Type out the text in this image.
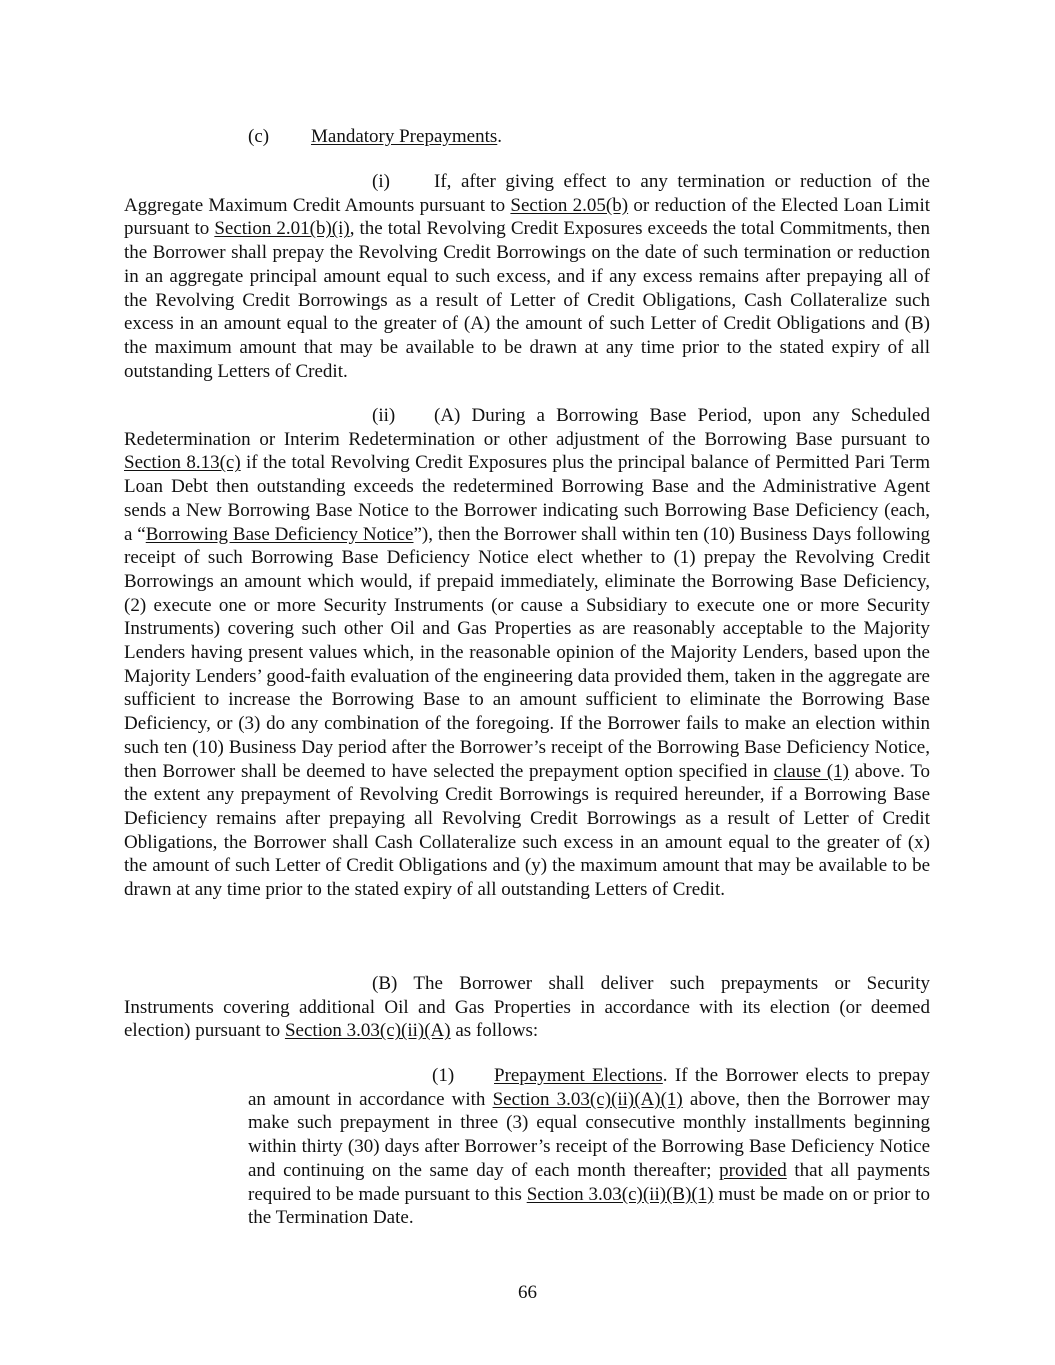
(c) Mandatory Prepayments.
(i) If, after giving effect to any termination or reduction of the Aggregate Maximum Credit Amounts pursuant to Section 2.05(b) or reduction of the Elected Loan Limit pursuant to Section 2.01(b)(i), the total Revolving Credit Exposures exceeds the total Commitments, then the Borrower shall prepay the Revolving Credit Borrowings on the date of such termination or reduction in an aggregate principal amount equal to such excess, and if any excess remains after prepaying all of the Revolving Credit Borrowings as a result of Letter of Credit Obligations, Cash Collateralize such excess in an amount equal to the greater of (A) the amount of such Letter of Credit Obligations and (B) the maximum amount that may be available to be drawn at any time prior to the stated expiry of all outstanding Letters of Credit.
(ii) (A) During a Borrowing Base Period, upon any Scheduled Redetermination or Interim Redetermination or other adjustment of the Borrowing Base pursuant to Section 8.13(c) if the total Revolving Credit Exposures plus the principal balance of Permitted Pari Term Loan Debt then outstanding exceeds the redetermined Borrowing Base and the Administrative Agent sends a New Borrowing Base Notice to the Borrower indicating such Borrowing Base Deficiency (each, a “Borrowing Base Deficiency Notice”), then the Borrower shall within ten (10) Business Days following receipt of such Borrowing Base Deficiency Notice elect whether to (1) prepay the Revolving Credit Borrowings an amount which would, if prepaid immediately, eliminate the Borrowing Base Deficiency, (2) execute one or more Security Instruments (or cause a Subsidiary to execute one or more Security Instruments) covering such other Oil and Gas Properties as are reasonably acceptable to the Majority Lenders having present values which, in the reasonable opinion of the Majority Lenders, based upon the Majority Lenders’ good-faith evaluation of the engineering data provided them, taken in the aggregate are sufficient to increase the Borrowing Base to an amount sufficient to eliminate the Borrowing Base Deficiency, or (3) do any combination of the foregoing. If the Borrower fails to make an election within such ten (10) Business Day period after the Borrower’s receipt of the Borrowing Base Deficiency Notice, then Borrower shall be deemed to have selected the prepayment option specified in clause (1) above. To the extent any prepayment of Revolving Credit Borrowings is required hereunder, if a Borrowing Base Deficiency remains after prepaying all Revolving Credit Borrowings as a result of Letter of Credit Obligations, the Borrower shall Cash Collateralize such excess in an amount equal to the greater of (x) the amount of such Letter of Credit Obligations and (y) the maximum amount that may be available to be drawn at any time prior to the stated expiry of all outstanding Letters of Credit.
(B) The Borrower shall deliver such prepayments or Security Instruments covering additional Oil and Gas Properties in accordance with its election (or deemed election) pursuant to Section 3.03(c)(ii)(A) as follows:
(1) Prepayment Elections. If the Borrower elects to prepay an amount in accordance with Section 3.03(c)(ii)(A)(1) above, then the Borrower may make such prepayment in three (3) equal consecutive monthly installments beginning within thirty (30) days after Borrower’s receipt of the Borrowing Base Deficiency Notice and continuing on the same day of each month thereafter; provided that all payments required to be made pursuant to this Section 3.03(c)(ii)(B)(1) must be made on or prior to the Termination Date.
66
